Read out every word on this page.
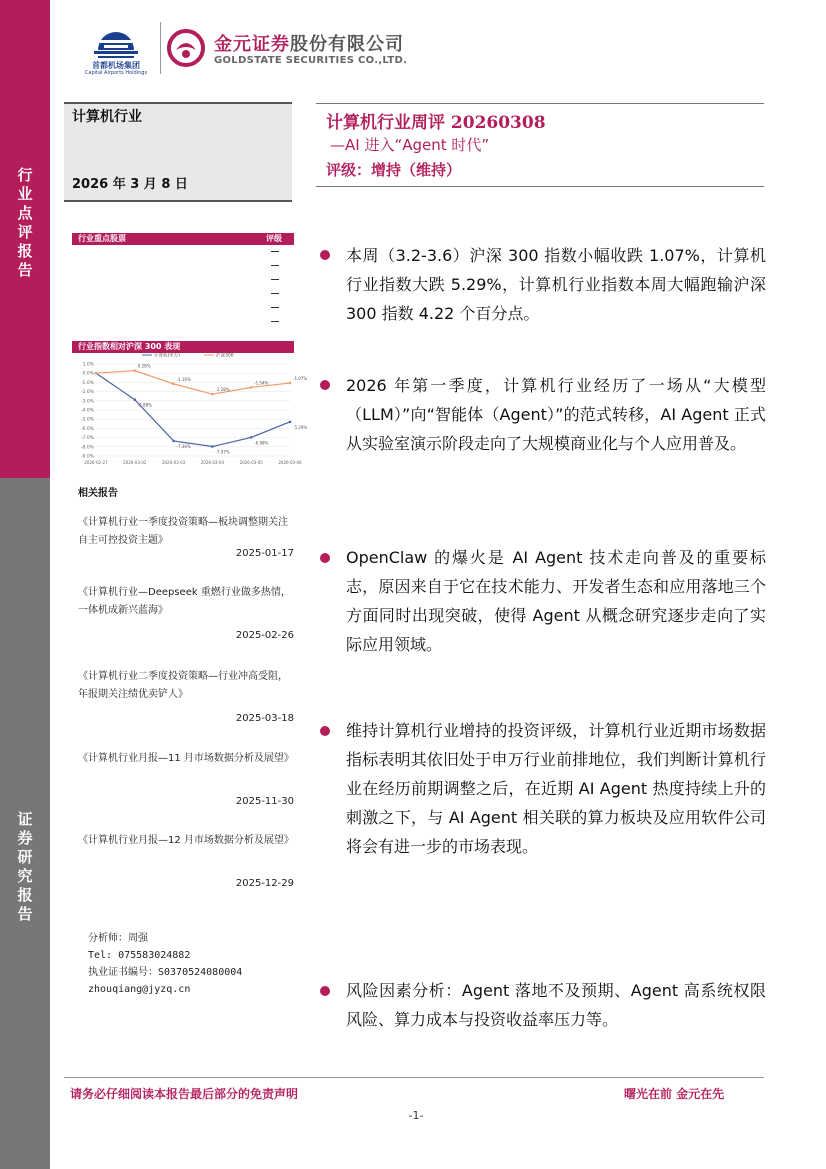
行
业
点
评
报
告
证
券
研
究
报
告
首都机场集团
Capital Airports Holdings
金元证券股份有限公司
GOLDSTATE SECURITIES CO.,LTD.
计算机行业
2026 年 3 月 8 日
计算机行业周评 20260308
—AI 进入“Agent 时代”
评级：增持（维持）
行业重点股票	评级
行业指数相对沪深 300 表现
1.0%
0.0%
-1.0%
-2.0%
-3.0%
-4.0%
-5.0%
-6.0%
-7.0%
-8.0%
-9.0%
2026-02-27	2026-03-02	2026-03-03	2026-03-04	2026-03-05	2026-03-06
计算机(申万)	沪深300
-2.88%
-7.36%
-7.97%
-6.98%
-5.29%
0.28%
-1.16%
-2.28%
-1.54%
-1.07%
相关报告
《计算机行业一季度投资策略—板块调整期关注自主可控投资主题》
2025-01-17
《计算机行业—Deepseek 重燃行业做多热情，一体机成新兴蓝海》
2025-02-26
《计算机行业二季度投资策略—行业冲高受阻，年报期关注绩优卖铲人》
2025-03-18
《计算机行业月报—11 月市场数据分析及展望》
2025-11-30
《计算机行业月报—12 月市场数据分析及展望》
2025-12-29
分析师：周强
Tel: 07558302488​2
执业证书编号：S0370524080004
zhouqiang@jyzq.cn
本周（3.2-3.6）沪深 300 指数小幅收跌 1.07%，计算机行业指数大跌 5.29%，计算机行业指数本周大幅跑输沪深 300 指数 4.22 个百分点。
2026 年第一季度，计算机行业经历了一场从“大模型（LLM）”向“智能体（Agent）”的范式转移，AI Agent 正式从实验室演示阶段走向了大规模商业化与个人应用普及。
OpenClaw 的爆火是 AI Agent 技术走向普及的重要标志，原因来自于它在技术能力、开发者生态和应用落地三个方面同时出现突破，使得 Agent 从概念研究逐步走向了实际应用领域。
维持计算机行业增持的投资评级，计算机行业近期市场数据指标表明其依旧处于申万行业前排地位，我们判断计算机行业在经历前期调整之后，在近期 AI Agent 热度持续上升的刺激之下，与 AI Agent 相关联的算力板块及应用软件公司将会有进一步的市场表现。
风险因素分析：Agent 落地不及预期、Agent 高系统权限风险、算力成本与投资收益率压力等。
请务必仔细阅读本报告最后部分的免责声明	曙光在前 金元在先
-1-
